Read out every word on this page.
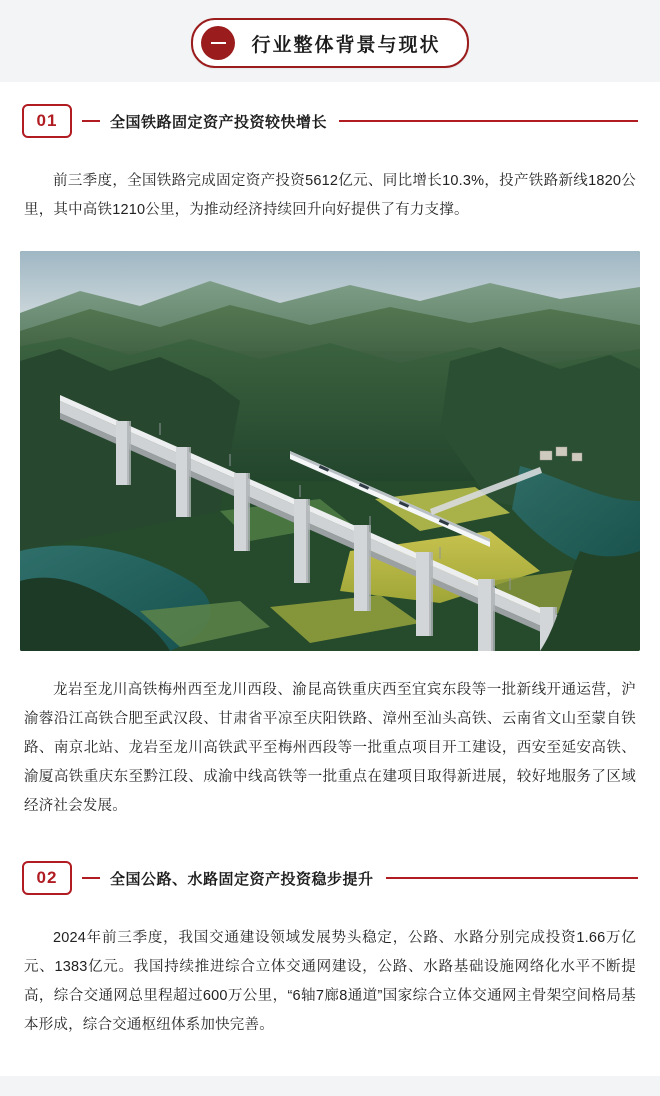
行业整体背景与现状
01	全国铁路固定资产投资较快增长

前三季度，全国铁路完成固定资产投资5612亿元、同比增长10.3%，投产铁路新线1820公里，其中高铁1210公里，为推动经济持续回升向好提供了有力支撑。

龙岩至龙川高铁梅州西至龙川西段、渝昆高铁重庆西至宜宾东段等一批新线开通运营，沪渝蓉沿江高铁合肥至武汉段、甘肃省平凉至庆阳铁路、漳州至汕头高铁、云南省文山至蒙自铁路、南京北站、龙岩至龙川高铁武平至梅州西段等一批重点项目开工建设，西安至延安高铁、渝厦高铁重庆东至黔江段、成渝中线高铁等一批重点在建项目取得新进展，较好地服务了区域经济社会发展。

02	全国公路、水路固定资产投资稳步提升

2024年前三季度，我国交通建设领域发展势头稳定，公路、水路分别完成投资1.66万亿元、1383亿元。我国持续推进综合立体交通网建设，公路、水路基础设施网络化水平不断提高，综合交通网总里程超过600万公里，“6轴7廊8通道”国家综合立体交通网主骨架空间格局基本形成，综合交通枢纽体系加快完善。
